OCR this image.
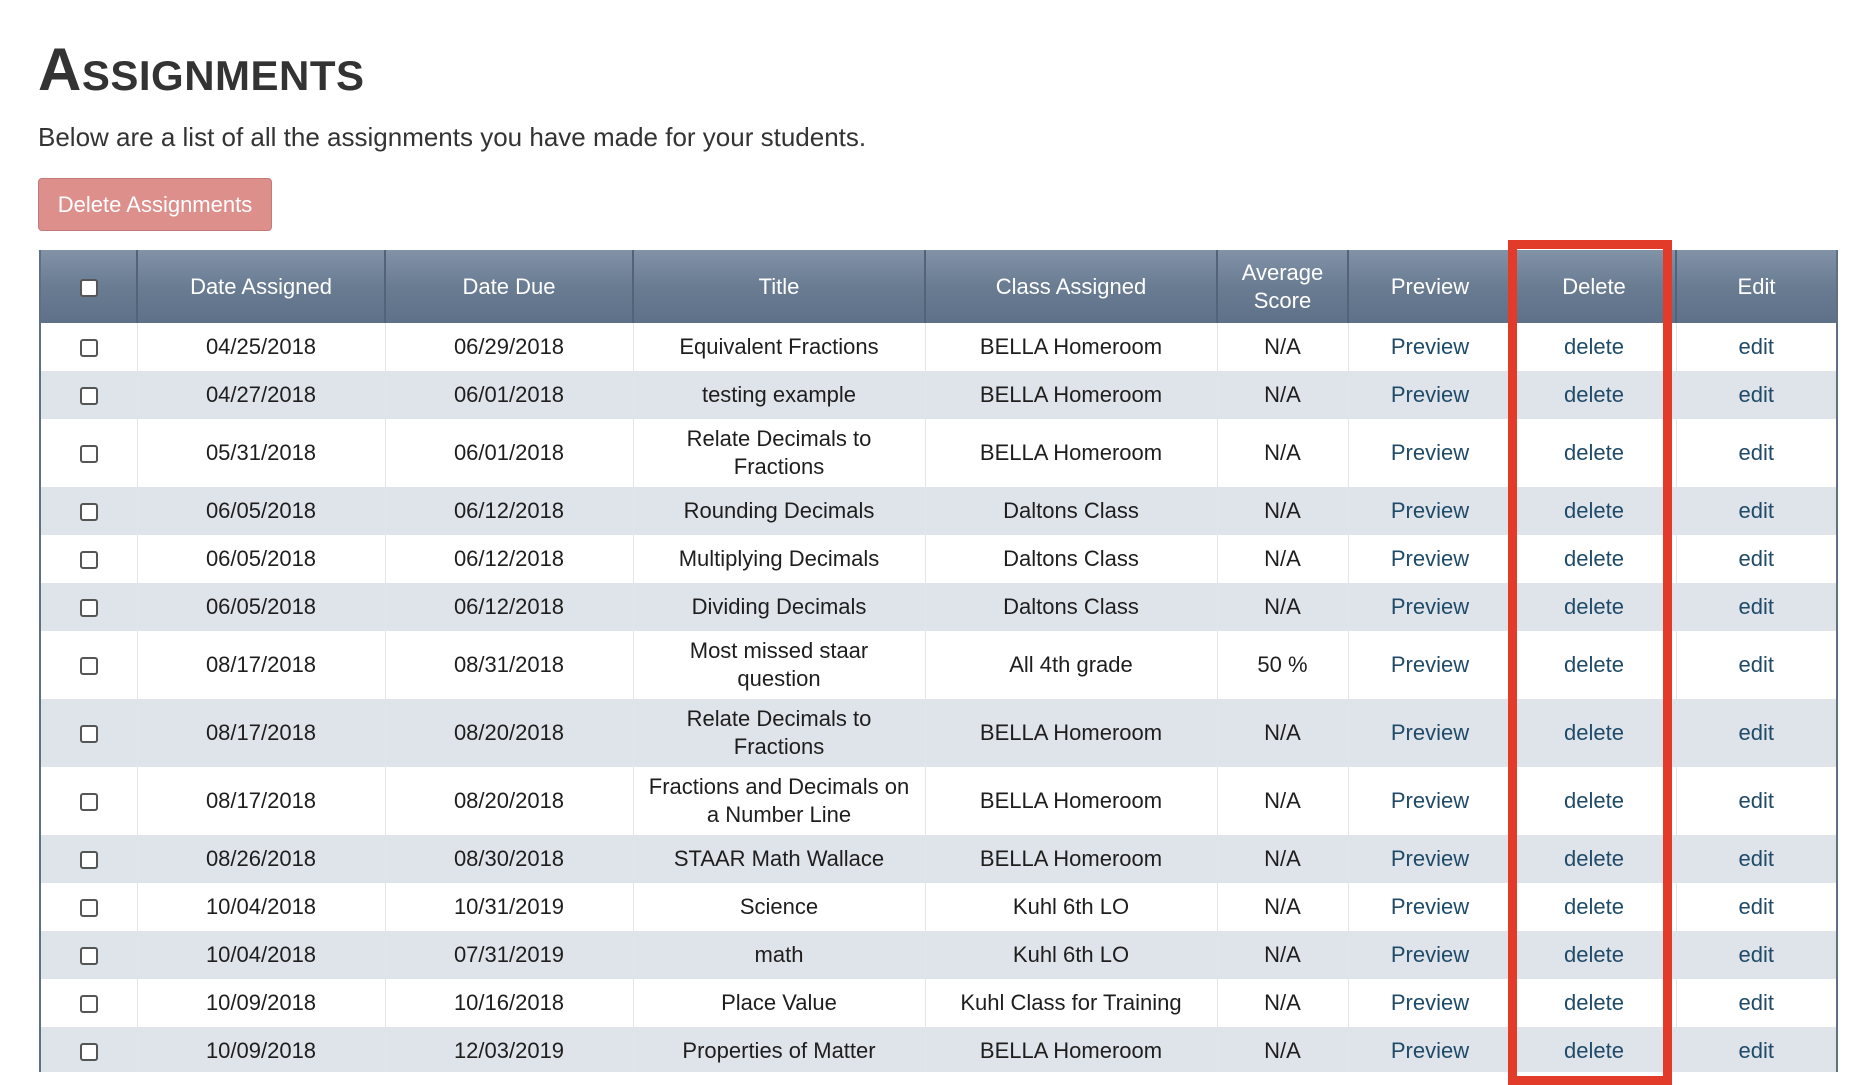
Assignments

Below are a list of all the assignments you have made for your students.

Delete Assignments
	Date Assigned	Date Due	Title	Class Assigned	Average
Score	Preview	Delete	Edit
	04/25/2018	06/29/2018	Equivalent Fractions	BELLA Homeroom	N/A	Preview	delete	edit
	04/27/2018	06/01/2018	testing example	BELLA Homeroom	N/A	Preview	delete	edit
	05/31/2018	06/01/2018	Relate Decimals to
Fractions	BELLA Homeroom	N/A	Preview	delete	edit
	06/05/2018	06/12/2018	Rounding Decimals	Daltons Class	N/A	Preview	delete	edit
	06/05/2018	06/12/2018	Multiplying Decimals	Daltons Class	N/A	Preview	delete	edit
	06/05/2018	06/12/2018	Dividing Decimals	Daltons Class	N/A	Preview	delete	edit
	08/17/2018	08/31/2018	Most missed staar
question	All 4th grade	50 %	Preview	delete	edit
	08/17/2018	08/20/2018	Relate Decimals to
Fractions	BELLA Homeroom	N/A	Preview	delete	edit
	08/17/2018	08/20/2018	Fractions and Decimals on
a Number Line	BELLA Homeroom	N/A	Preview	delete	edit
	08/26/2018	08/30/2018	STAAR Math Wallace	BELLA Homeroom	N/A	Preview	delete	edit
	10/04/2018	10/31/2019	Science	Kuhl 6th LO	N/A	Preview	delete	edit
	10/04/2018	07/31/2019	math	Kuhl 6th LO	N/A	Preview	delete	edit
	10/09/2018	10/16/2018	Place Value	Kuhl Class for Training	N/A	Preview	delete	edit
	10/09/2018	12/03/2019	Properties of Matter	BELLA Homeroom	N/A	Preview	delete	edit
